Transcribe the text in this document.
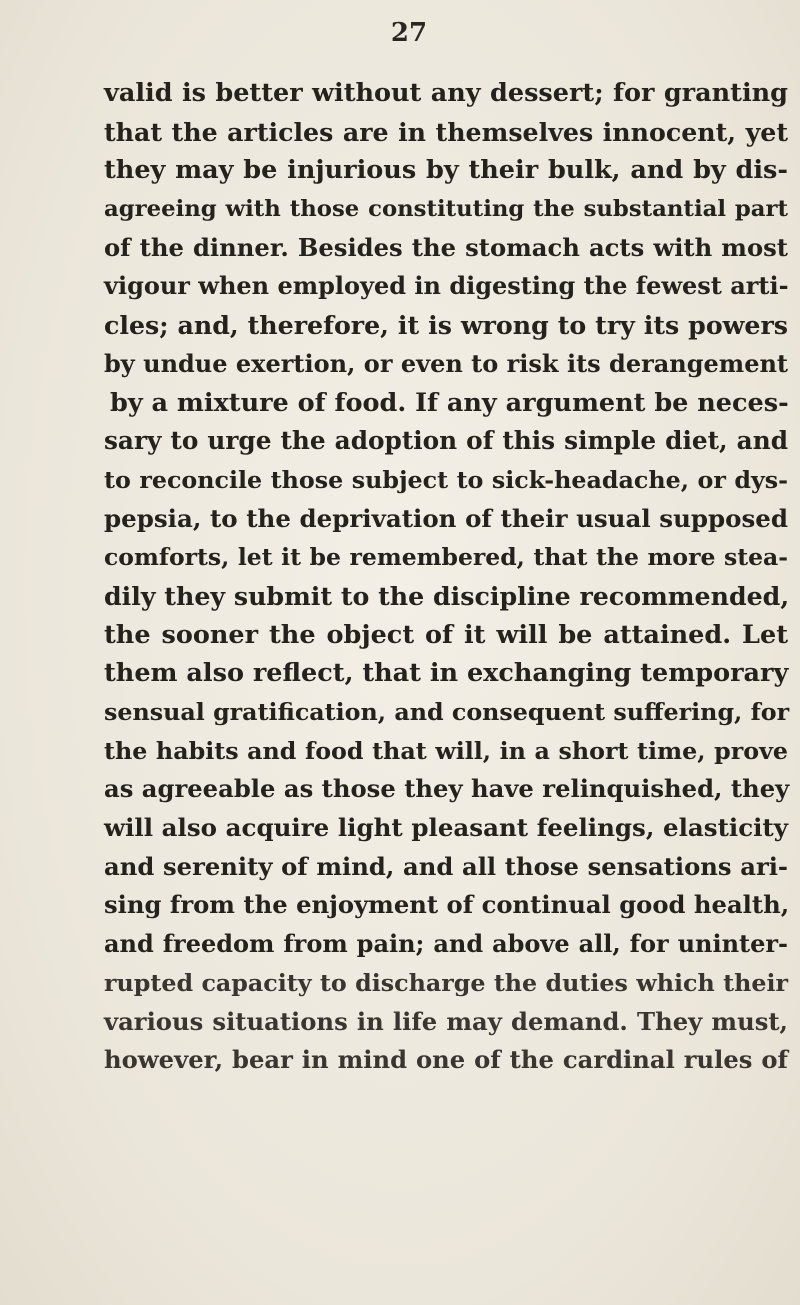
27
valid is better without any dessert; for granting
that the articles are in themselves innocent, yet
they may be injurious by their bulk, and by dis-
agreeing with those constituting the substantial part
of the dinner. Besides the stomach acts with most
vigour when employed in digesting the fewest arti-
cles; and, therefore, it is wrong to try its powers
by undue exertion, or even to risk its derangement
by a mixture of food. If any argument be neces-
sary to urge the adoption of this simple diet, and
to reconcile those subject to sick-headache, or dys-
pepsia, to the deprivation of their usual supposed
comforts, let it be remembered, that the more stea-
dily they submit to the discipline recommended,
the sooner the object of it will be attained. Let
them also reflect, that in exchanging temporary
sensual gratification, and consequent suffering, for
the habits and food that will, in a short time, prove
as agreeable as those they have relinquished, they
will also acquire light pleasant feelings, elasticity
and serenity of mind, and all those sensations ari-
sing from the enjoyment of continual good health,
and freedom from pain; and above all, for uninter-
rupted capacity to discharge the duties which their
various situations in life may demand. They must,
however, bear in mind one of the cardinal rules of
